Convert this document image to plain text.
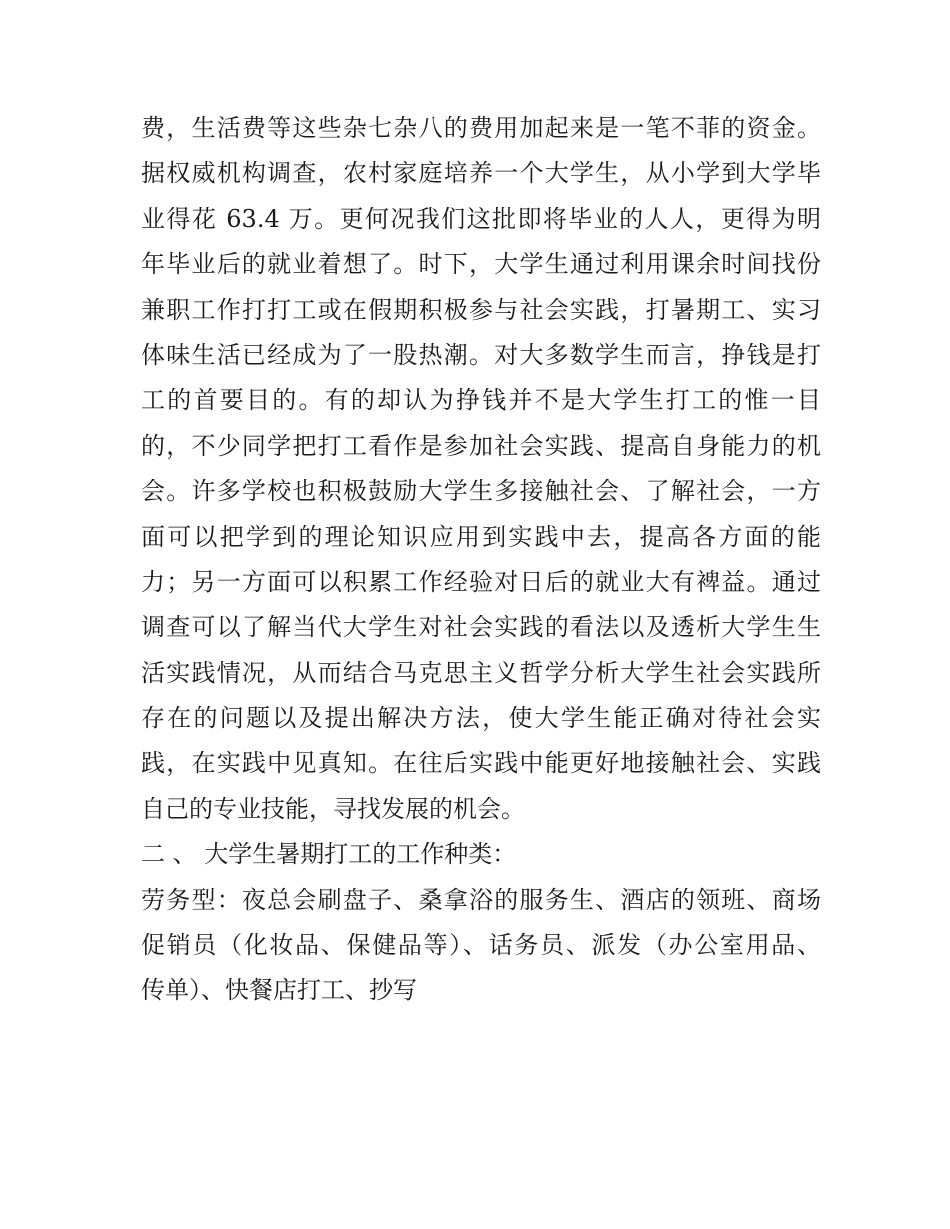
费，生活费等这些杂七杂八的费用加起来是一笔不菲的资金。
据权威机构调查，农村家庭培养一个大学生，从小学到大学毕
业得花 63.4 万。更何况我们这批即将毕业的人人，更得为明
年毕业后的就业着想了。时下，大学生通过利用课余时间找份
兼职工作打打工或在假期积极参与社会实践，打暑期工、实习
体味生活已经成为了一股热潮。对大多数学生而言，挣钱是打
工的首要目的。有的却认为挣钱并不是大学生打工的惟一目
的，不少同学把打工看作是参加社会实践、提高自身能力的机
会。许多学校也积极鼓励大学生多接触社会、了解社会，一方
面可以把学到的理论知识应用到实践中去，提高各方面的能
力；另一方面可以积累工作经验对日后的就业大有裨益。通过
调查可以了解当代大学生对社会实践的看法以及透析大学生生
活实践情况，从而结合马克思主义哲学分析大学生社会实践所
存在的问题以及提出解决方法，使大学生能正确对待社会实
践，在实践中见真知。在往后实践中能更好地接触社会、实践
自己的专业技能，寻找发展的机会。
二 、 大学生暑期打工的工作种类：
劳务型：夜总会刷盘子、桑拿浴的服务生、酒店的领班、商场
促销员（化妆品、保健品等）、话务员、派发（办公室用品、
传单）、快餐店打工、抄写
